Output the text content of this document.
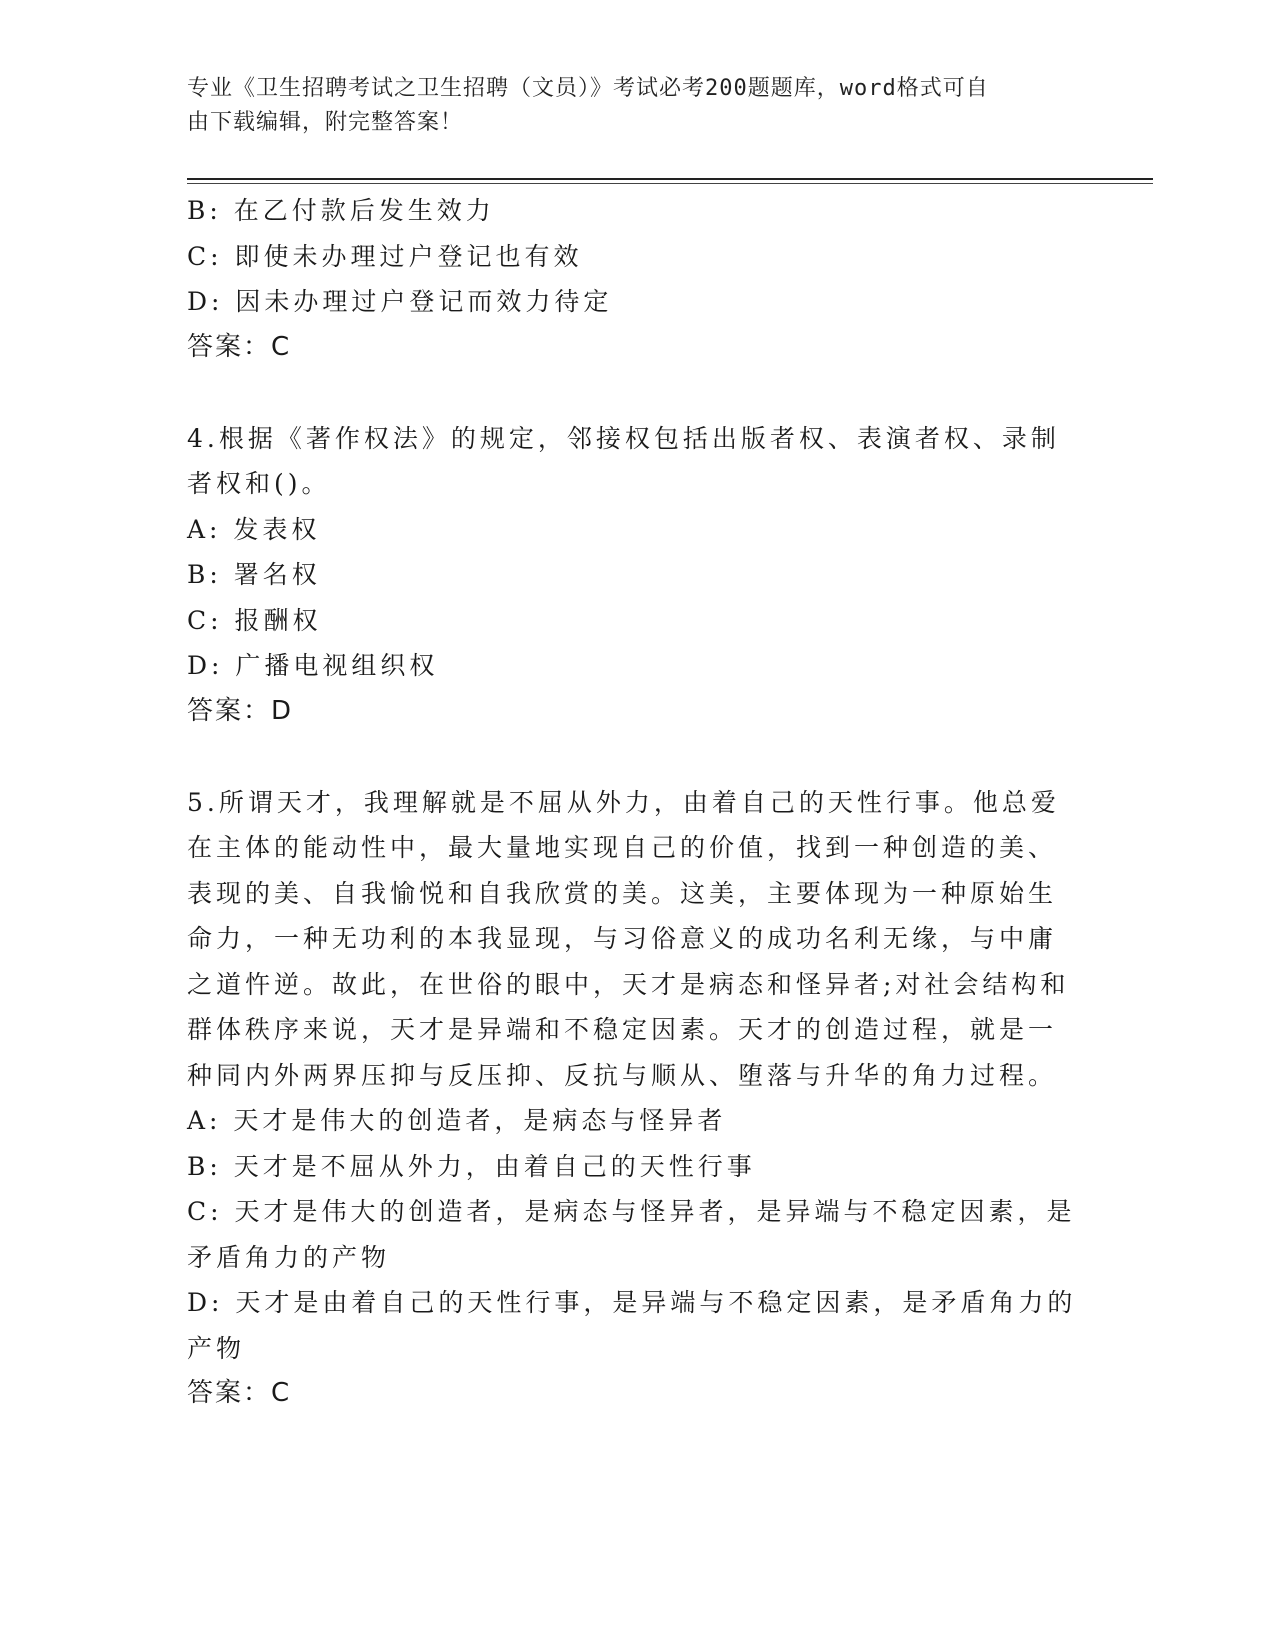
专业《卫生招聘考试之卫生招聘（文员）》考试必考200题题库，word格式可自
由下载编辑，附完整答案！
B: 在乙付款后发生效力
C: 即使未办理过户登记也有效
D: 因未办理过户登记而效力待定
答案：C
4.根据《著作权法》的规定，邻接权包括出版者权、表演者权、录制
者权和()。
A: 发表权
B: 署名权
C: 报酬权
D: 广播电视组织权
答案：D
5.所谓天才，我理解就是不屈从外力，由着自己的天性行事。他总爱
在主体的能动性中，最大量地实现自己的价值，找到一种创造的美、
表现的美、自我愉悦和自我欣赏的美。这美，主要体现为一种原始生
命力，一种无功利的本我显现，与习俗意义的成功名利无缘，与中庸
之道忤逆。故此，在世俗的眼中，天才是病态和怪异者;对社会结构和
群体秩序来说，天才是异端和不稳定因素。天才的创造过程，就是一
种同内外两界压抑与反压抑、反抗与顺从、堕落与升华的角力过程。
A: 天才是伟大的创造者，是病态与怪异者
B: 天才是不屈从外力，由着自己的天性行事
C: 天才是伟大的创造者，是病态与怪异者，是异端与不稳定因素，是
矛盾角力的产物
D: 天才是由着自己的天性行事，是异端与不稳定因素，是矛盾角力的
产物
答案：C
